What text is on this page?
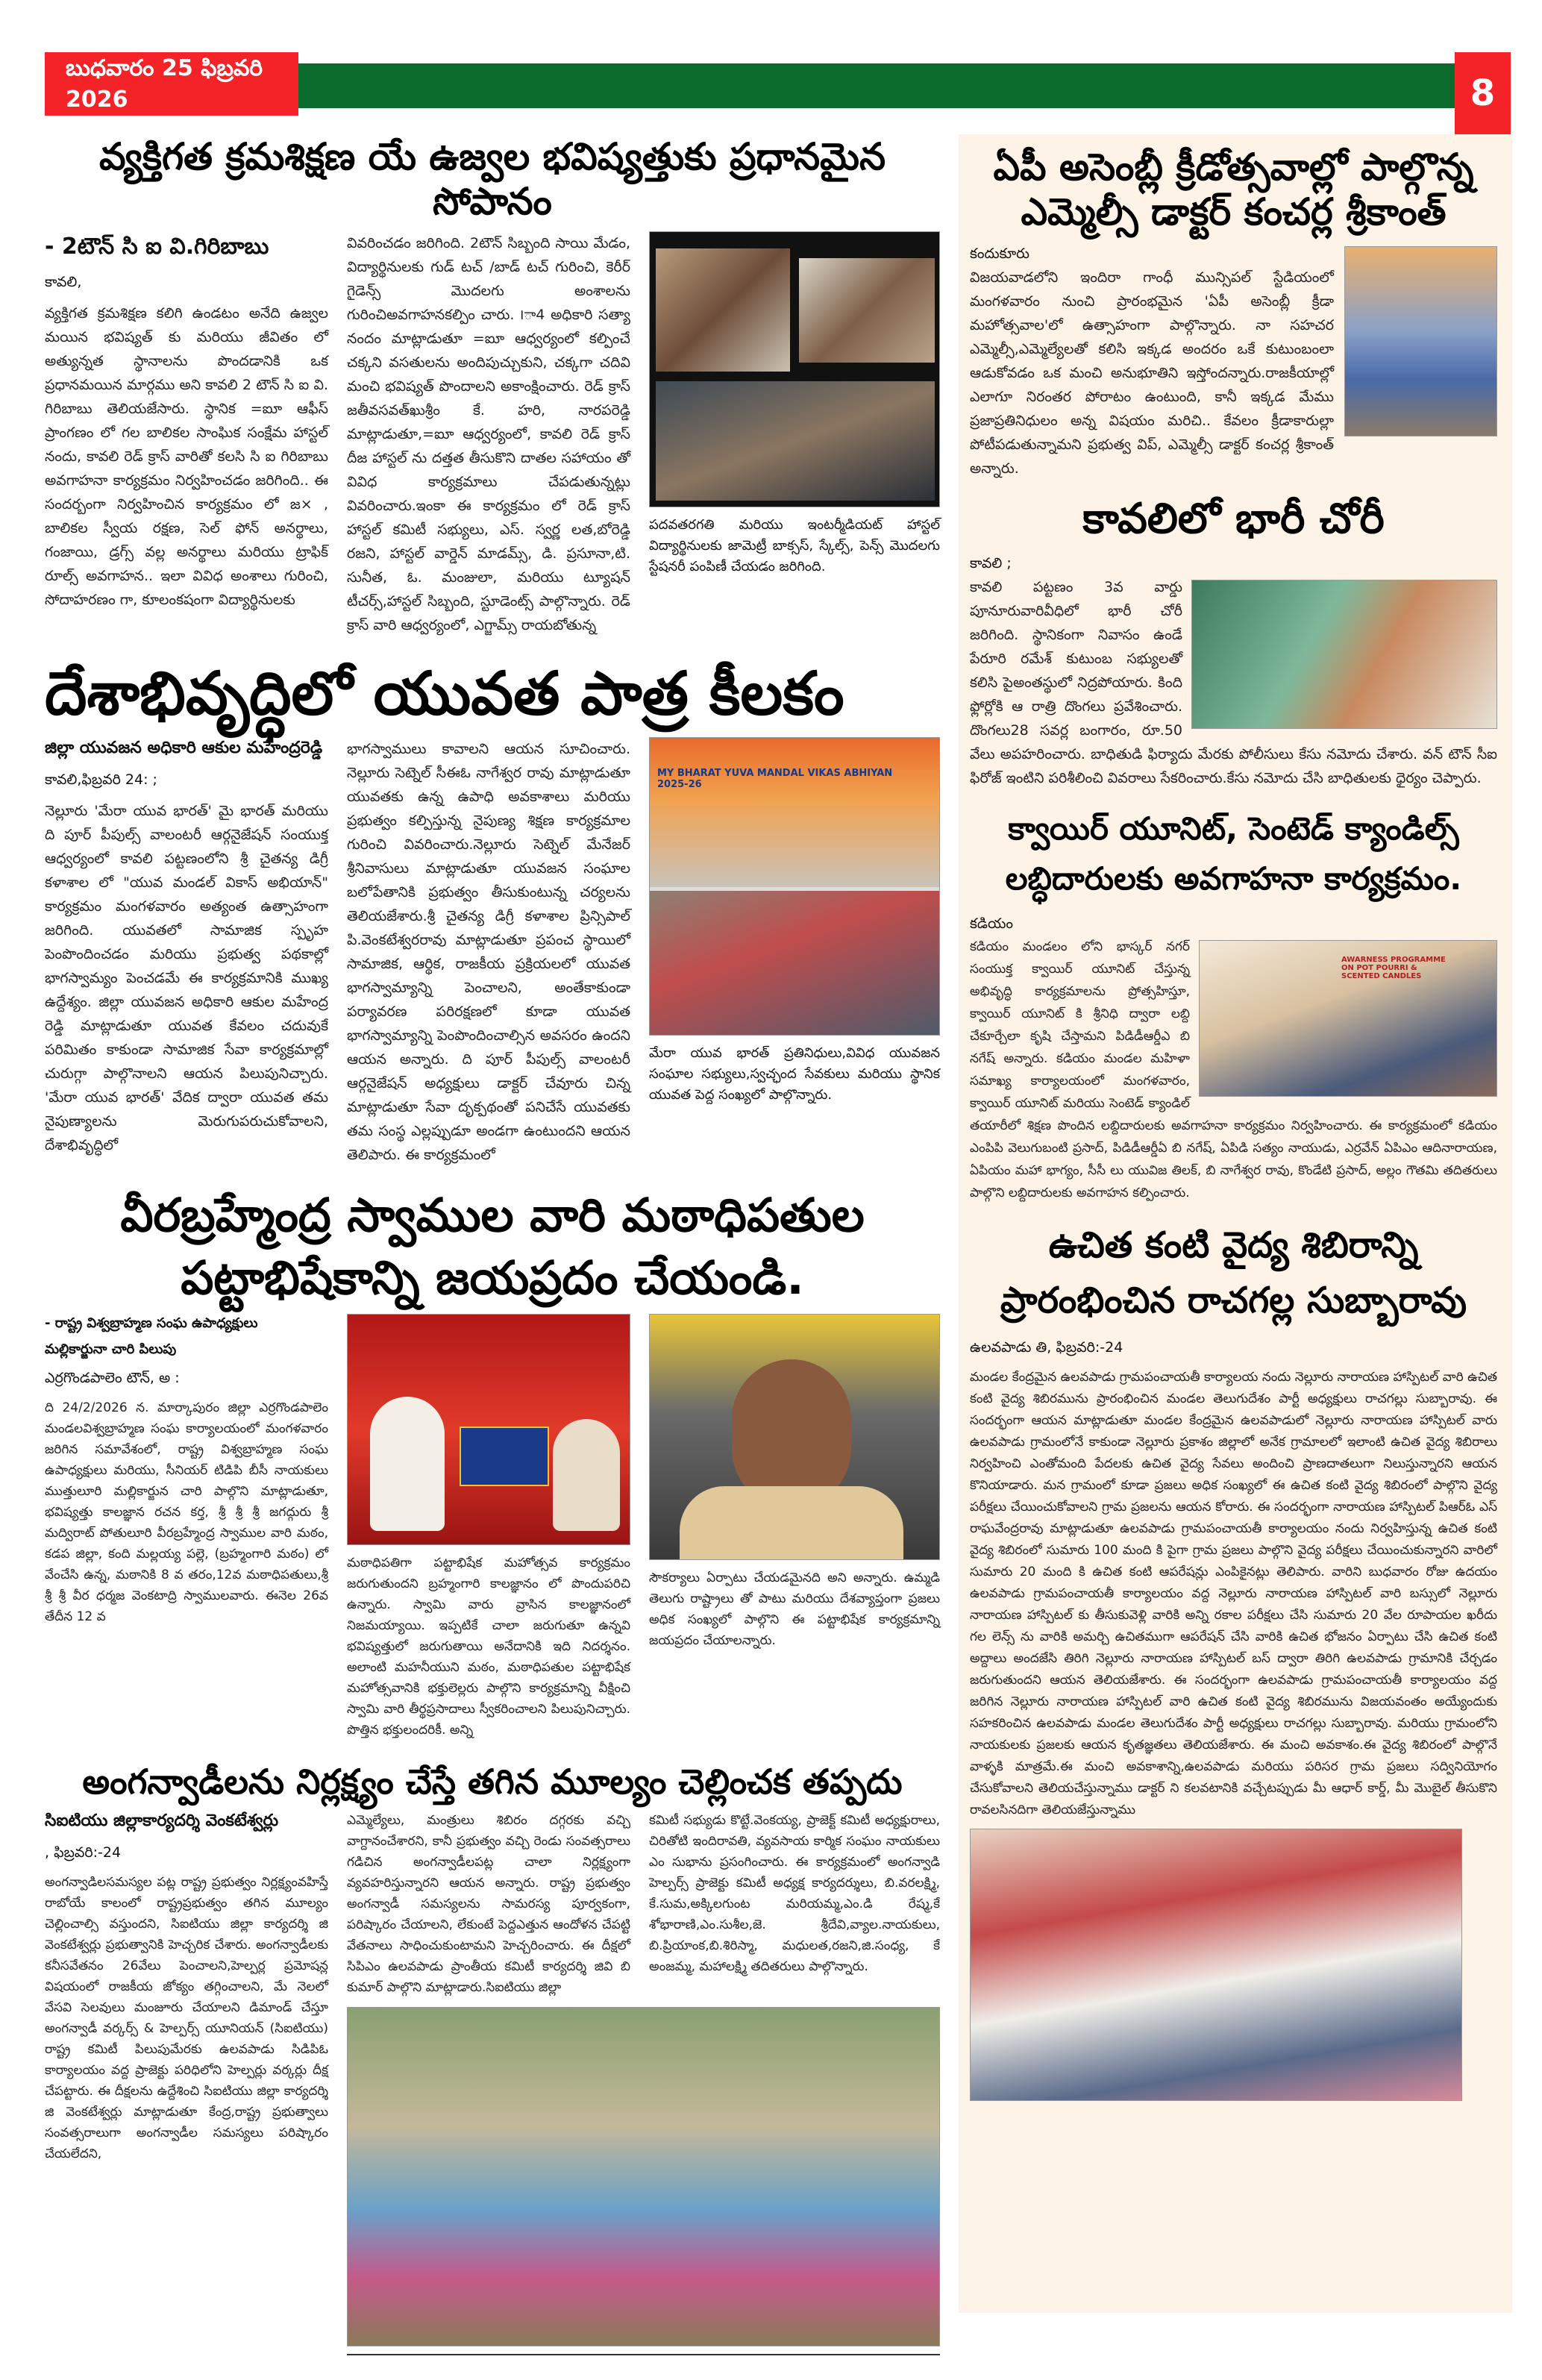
బుధవారం 25 ఫిబ్రవరి 2026	8
వ్యక్తిగత క్రమశిక్షణ యే ఉజ్వల భవిష్యత్తుకు ప్రధానమైన సోపానం
- 2టౌన్ సి ఐ వి.గిరిబాబు
కావలి,
వ్యక్తిగత క్రమశిక్షణ కలిగి ఉండటం అనేది ఉజ్వల మయిన భవిష్యత్ కు మరియు జీవితం లో అత్యున్నత స్థానాలను పొందడానికి ఒక ప్రధానమయిన మార్గము అని కావలి 2 టౌన్ సి ఐ వి. గిరిబాబు తెలియజేసారు. స్థానిక =ఐూ ఆఫీస్ ప్రాంగణం లో గల బాలికల సాంఘిక సంక్షేమ హాస్టల్ నందు, కావలి రెడ్ క్రాస్ వారితో కలసి సి ఐ గిరిబాబు అవగాహనా కార్యక్రమం నిర్వహించడం జరిగింది.. ఈ సందర్బంగా నిర్వహించిన కార్యక్రమం లో జ× , బాలికల స్వీయ రక్షణ, సెల్ ఫోన్ అనర్థాలు, గంజాయి, డ్రగ్స్ వల్ల అనర్థాలు మరియు ట్రాఫిక్ రూల్స్ అవగాహన.. ఇలా వివిధ అంశాలు గురించి, సోదాహరణం గా, కూలంకషంగా విద్యార్థినులకు
వివరించడం జరిగింది. 2టౌన్ సిబ్బంది సాయి మేడం, విద్యార్థినులకు గుడ్ టచ్ /బాడ్ టచ్ గురించి, కెరీర్ గైడెన్స్ మొదలగు అంశాలను గురించిఅవగాహనకల్పిం చారు. ౹ా4 అధికారి సత్యా నందం మాట్లాడుతూ =ఐూ ఆధ్వర్యంలో కల్పించే చక్కని వసతులను అందిపుచ్చుకుని, చక్కగా చదివి మంచి భవిష్యత్ పొందాలని అకాంక్షించారు. రెడ్ క్రాస్ జతీవసవత్‌ఖుశ్రీం కే. హరి, నారపరెడ్డి మాట్లాడుతూ,=ఐూ ఆధ్వర్యంలో, కావలి రెడ్ క్రాస్ దీజ హాస్టల్ ను దత్తత తీసుకొని దాతల సహాయం తో వివిధ కార్యక్రమాలు చేపడుతున్నట్లు వివరించారు.ఇంకా ఈ కార్యక్రమం లో రెడ్ క్రాస్ హాస్టల్ కమిటీ సభ్యులు, ఎస్. స్వర్ణ లత,బోరెడ్డి రజని, హాస్టల్ వార్డెన్ మాడమ్స్, డి. ప్రసూనా,టి. సునీత, ఓ. మంజులా, మరియు ట్యూషన్ టీచర్స్,హాస్టల్ సిబ్బంది, స్టూడెంట్స్ పాల్గొన్నారు. రెడ్ క్రాస్ వారి ఆధ్వర్యంలో, ఎగ్జామ్స్ రాయబోతున్న
పదవతరగతి మరియు ఇంటర్మీడియట్ హాస్టల్ విద్యార్థినులకు జామెట్రీ బాక్సస్, స్కేల్స్, పెన్స్ మొదలగు స్టేషనరీ పంపిణీ చేయడం జరిగింది.
దేశాభివృద్ధిలో యువత పాత్ర కీలకం
జిల్లా యువజన అధికారి ఆకుల మహేంద్రరెడ్డి
కావలి,ఫిబ్రవరి 24: ;
నెల్లూరు 'మేరా యువ భారత్' మై భారత్ మరియు ది పూర్ పీపుల్స్ వాలంటరీ ఆర్గనైజేషన్ సంయుక్త ఆధ్వర్యంలో కావలి పట్టణంలోని శ్రీ చైతన్య డిగ్రీ కళాశాల లో "యువ మండల్ వికాస్ అభియాన్" కార్యక్రమం మంగళవారం అత్యంత ఉత్సాహంగా జరిగింది. యువతలో సామాజిక స్పృహ పెంపొందించడం మరియు ప్రభుత్వ పథకాల్లో భాగస్వామ్యం పెంచడమే ఈ కార్యక్రమానికి ముఖ్య ఉద్దేశ్యం. జిల్లా యువజన అధికారి ఆకుల మహేంద్ర రెడ్డి మాట్లాడుతూ యువత కేవలం చదువుకే పరిమితం కాకుండా సామాజిక సేవా కార్యక్రమాల్లో చురుగ్గా పాల్గొనాలని ఆయన పిలుపునిచ్చారు. 'మేరా యువ భారత్' వేదిక ద్వారా యువత తమ నైపుణ్యాలను మెరుగుపరుచుకోవాలని, దేశాభివృద్ధిలో
భాగస్వాములు కావాలని ఆయన సూచించారు. నెల్లూరు సెట్నెల్ సీఈఓ నాగేశ్వర రావు మాట్లాడుతూ యువతకు ఉన్న ఉపాధి అవకాశాలు మరియు ప్రభుత్వం కల్పిస్తున్న నైపుణ్య శిక్షణ కార్యక్రమాల గురించి వివరించారు.నెల్లూరు సెట్నెల్ మేనేజర్ శ్రీనివాసులు మాట్లాడుతూ యువజన సంఘాల బలోపేతానికి ప్రభుత్వం తీసుకుంటున్న చర్యలను తెలియజేశారు.శ్రీ చైతన్య డిగ్రీ కళాశాల ప్రిన్సిపాల్ పి.వెంకటేశ్వరరావు మాట్లాడుతూ ప్రపంచ స్థాయిలో సామాజిక, ఆర్థిక, రాజకీయ ప్రక్రియలలో యువత భాగస్వామ్యాన్ని పెంచాలని, అంతేకాకుండా పర్యావరణ పరిరక్షణలో కూడా యువత భాగస్వామ్యాన్ని పెంపొందించాల్సిన అవసరం ఉందని ఆయన అన్నారు. ది పూర్ పీపుల్స్ వాలంటరీ ఆర్గనైజేషన్ అధ్యక్షులు డాక్టర్ చేవూరు చిన్న మాట్లాడుతూ సేవా దృక్పథంతో పనిచేసే యువతకు తమ సంస్థ ఎల్లప్పుడూ అండగా ఉంటుందని ఆయన తెలిపారు. ఈ కార్యక్రమంలో
MY BHARAT YUVA MANDAL VIKAS ABHIYAN 2025-26
మేరా యువ భారత్ ప్రతినిధులు,వివిధ యువజన సంఘాల సభ్యులు,స్వచ్ఛంద సేవకులు మరియు స్థానిక యువత పెద్ద సంఖ్యలో పాల్గొన్నారు.
వీరబ్రహ్మేంద్ర స్వాముల వారి మఠాధిపతుల
పట్టాభిషేకాన్ని జయప్రదం చేయండి.
- రాష్ట్ర విశ్వబ్రాహ్మణ సంఘ ఉపాధ్యక్షులు
మల్లికార్జునా చారి పిలుపు
ఎర్రగొండపాలెం టౌన్, అ :
ది 24/2/2026 న. మార్కాపురం జిల్లా ఎర్రగొండపాలెం మండలవిశ్వబ్రాహ్మణ సంఘ కార్యాలయంలో మంగళవారం జరిగిన సమావేశంలో, రాష్ట్ర విశ్వబ్రాహ్మణ సంఘ ఉపాధ్యక్షులు మరియు, సీనియర్ టిడిపి బీసీ నాయకులు ముత్తులూరి మల్లికార్జున చారి పాల్గొని మాట్లాడుతూ, భవిష్యత్తు కాలజ్ఞాన రచన కర్త, శ్రీ శ్రీ శ్రీ జగద్గురు శ్రీ మద్విరాట్ పోతులూరి వీరబ్రహ్మేంద్ర స్వాముల వారి మఠం, కడప జిల్లా, కంది మల్లయ్య పల్లె, (బ్రహ్మంగారి మఠం) లో వేంచేసి ఉన్న, మఠానికి 8 వ తరం,12వ మఠాధిపతులు,శ్రీ శ్రీ శ్రీ వీర ధర్మజ వెంకటాద్రి స్వాములవారు. ఈనెల 26వ తేదీన 12 వ
మఠాధిపతిగా పట్టాభిషేక మహోత్సవ కార్యక్రమం జరుగుతుందని బ్రహ్మంగారి కాలజ్ఞానం లో పొందుపరిచి ఉన్నారు. స్వామి వారు వ్రాసిన కాలజ్ఞానంలో నిజమయ్యాయి. ఇప్పటికే చాలా జరుగుతూ ఉన్నవి భవిష్యత్తులో జరుగుతాయి అనేదానికి ఇది నిదర్శనం. అలాంటి మహనీయుని మఠం, మఠాధిపతుల పట్టాభిషేక మహోత్సవానికి భక్తులెల్లరు పాల్గొని కార్యక్రమాన్ని వీక్షించి స్వామి వారి తీర్థప్రసాదాలు స్వీకరించాలని పిలుపునిచ్చారు. పొత్తిన భక్తులందరికీ. అన్ని
సౌకర్యాలు ఏర్పాటు చేయడమైనది అని అన్నారు. ఉమ్మడి తెలుగు రాష్ట్రాలు తో పాటు మరియు దేశవ్యాప్తంగా ప్రజలు అధిక సంఖ్యలో పాల్గొని ఈ పట్టాభిషేక కార్యక్రమాన్ని జయప్రదం చేయాలన్నారు.
అంగన్వాడీలను నిర్లక్ష్యం చేస్తే తగిన మూల్యం చెల్లించక తప్పదు
సిఐటియు జిల్లాకార్యదర్శి వెంకటేశ్వర్లు
, ఫిబ్రవరి:-24
అంగన్వాడిలసమస్యల పట్ల రాష్ట్ర ప్రభుత్వం నిర్లక్ష్యంవహిస్తే రాబోయే కాలంలో రాష్ట్రప్రభుత్వం తగిన మూల్యం చెల్లించాల్సి వస్తుందని, సిఐటియు జిల్లా కార్యదర్శి జి వెంకటేశ్వర్లు ప్రభుత్వానికి హెచ్చరిక చేశారు. అంగన్వాడీలకు కనీసవేతనం 26వేలు పెంచాలని,హెల్పర్ల ప్రమోషన్ల విషయంలో రాజకీయ జోక్యం తగ్గించాలని, మే నెలలో వేసవి సెలవులు మంజూరు చేయాలని డిమాండ్ చేస్తూ అంగన్వాడీ వర్కర్స్ & హెల్పర్స్ యూనియన్ (సిఐటియు) రాష్ట్ర కమిటీ పిలుపుమేరకు ఉలవపాడు సిడిపిఓ కార్యాలయం వద్ద ప్రాజెక్టు పరిధిలోని హెల్పర్లు వర్కర్లు దీక్ష చేపట్టారు. ఈ దీక్షలను ఉద్దేశించి సిఐటియు జిల్లా కార్యదర్శి జి వెంకటేశ్వర్లు మాట్లాడుతూ కేంద్ర,రాష్ట్ర ప్రభుత్వాలు సంవత్సరాలుగా అంగన్వాడీల సమస్యలు పరిష్కారం చేయలేదని,
ఎమ్మెల్యేలు, మంత్రులు శిబిరం దగ్గరకు వచ్చి వాగ్దానంచేశారని, కానీ ప్రభుత్వం వచ్చి రెండు సంవత్సరాలు గడిచిన అంగన్వాడీలపట్ల చాలా నిర్లక్ష్యంగా వ్యవహరిస్తున్నారని ఆయన అన్నారు. రాష్ట్ర ప్రభుత్వం అంగన్వాడీ సమస్యలను సామరస్య పూర్వకంగా, పరిష్కారం చేయాలని, లేకుంటే పెద్దఎత్తున ఆందోళన చేపట్టి వేతనాలు సాధించుకుంటామని హెచ్చరించారు. ఈ దీక్షలో సిపిఎం ఉలవపాడు ప్రాంతీయ కమిటీ కార్యదర్శి జివి బి కుమార్ పాల్గొని మాట్లాడారు.సిఐటియు జిల్లా
కమిటీ సభ్యుడు కొట్టే.వెంకయ్య, ప్రాజెక్ట్ కమిటీ అధ్యక్షురాలు, చిరితోటి ఇందిరావతి, వ్యవసాయ కార్మిక సంఘం నాయకులు ఎం సుభాను ప్రసంగించారు. ఈ కార్యక్రమంలో అంగన్వాడి హెల్పర్స్ ప్రాజెక్టు కమిటీ అధ్యక్ష కార్యదర్శులు, బి.వరలక్ష్మి, కే.సుమ,అక్కిలగుంట మరియమ్మ,ఎం.డి రేష్మ,కే శోభారాణి,ఎం.సుశీల,జె. శ్రీదేవి,వ్యాల.నాయకులు, బి.ప్రియాంక,బి.శిరిస్మా, మధులత,రజని,జి.సంధ్య, కే అంజమ్మ, మహాలక్ష్మి తదితరులు పాల్గొన్నారు.
ఏపీ అసెంబ్లీ క్రీడోత్సవాల్లో పాల్గొన్న ఎమ్మెల్సీ డాక్టర్ కంచర్ల శ్రీకాంత్
కందుకూరు
విజయవాడలోని ఇందిరా గాంధీ మున్సిపల్ స్టేడియంలో మంగళవారం నుంచి ప్రారంభమైన 'ఏపీ అసెంబ్లీ క్రీడా మహోత్సవాల'లో ఉత్సాహంగా పాల్గొన్నారు. నా సహచర ఎమ్మెల్సీ,ఎమ్మెల్యేలతో కలిసి ఇక్కడ అందరం ఒకే కుటుంబంలా ఆడుకోవడం ఒక మంచి అనుభూతిని ఇస్తోందన్నారు.రాజకీయాల్లో ఎలాగూ నిరంతర పోరాటం ఉంటుంది, కానీ ఇక్కడ మేము ప్రజాప్రతినిధులం అన్న విషయం మరిచి.. కేవలం క్రీడాకారుల్లా పోటీపడుతున్నామని ప్రభుత్వ విప్, ఎమ్మెల్సీ డాక్టర్ కంచర్ల శ్రీకాంత్ అన్నారు.
కావలిలో భారీ చోరీ
కావలి ;
కావలి పట్టణం 3వ వార్డు పూనూరువారివీధిలో భారీ చోరీ జరిగింది. స్థానికంగా నివాసం ఉండే పేరూరి రమేశ్ కుటుంబ సభ్యులతో కలిసి పైఅంతస్థులో నిద్రపోయారు. కింది ఫ్లోర్లోకి ఆ రాత్రి దొంగలు ప్రవేశించారు. దొంగలు28 సవర్ల బంగారం, రూ.50 వేలు అపహరించారు. బాధితుడి ఫిర్యాదు మేరకు పోలీసులు కేసు నమోదు చేశారు. వన్ టౌన్ సీఐ ఫిరోజ్ ఇంటిని పరిశీలించి వివరాలు సేకరించారు.కేసు నమోదు చేసి బాధితులకు ధైర్యం చెప్పారు.
క్వాయిర్ యూనిట్, సెంటెడ్ క్యాండిల్స్ లబ్ధిదారులకు అవగాహనా కార్యక్రమం.
కడియం
AWARNESS PROGRAMME ON POT POURRI & SCENTED CANDLES
కడియం మండలం లోని భాస్కర్ నగర్ సంయుక్త క్వాయిర్ యూనిట్ చేస్తున్న అభివృద్ధి కార్యక్రమాలను ప్రోత్సహిస్తూ, క్వాయిర్ యూనిట్ కి శ్రీనిధి ద్వారా లబ్ది చేకూర్చేలా కృషి చేస్తామని పిడిడీఆర్డీఎ బి నగేష్ అన్నారు. కడియం మండల మహిళా సమాఖ్య కార్యాలయంలో మంగళవారం, క్వాయిర్ యూనిట్ మరియు సెంటెడ్ క్యాండిల్ తయారీలో శిక్షణ పొందిన లబ్దిదారులకు అవగాహనా కార్యక్రమం నిర్వహించారు. ఈ కార్యక్రమంలో కడియం ఎంపిపి వెలుగుబంటి ప్రసాద్, పిడిడీఆర్డీఏ బి నగేష్, ఏపిడి సత్యం నాయుడు, ఎర్రవేన్ ఏపిఎం ఆదినారాయణ, ఏపియం మహా భాగ్యం, సీసీ లు యువిజ తిలక్, బి నాగేశ్వర రావు, కొండేటి ప్రసాద్, అల్లం గౌతమి తదితరులు పాల్గొని లబ్దిదారులకు అవగాహన కల్పించారు.
ఉచిత కంటి వైద్య శిబిరాన్ని ప్రారంభించిన రాచగల్ల సుబ్బారావు
ఉలవపాడు తి, ఫిబ్రవరి:-24
మండల కేంద్రమైన ఉలవపాడు గ్రామపంచాయతీ కార్యాలయ నందు నెల్లూరు నారాయణ హాస్పిటల్ వారి ఉచిత కంటి వైద్య శిబిరమును ప్రారంభించిన మండల తెలుగుదేశం పార్టీ అధ్యక్షులు రాచగల్లు సుబ్బారావు. ఈ సందర్భంగా ఆయన మాట్లాడుతూ మండల కేంద్రమైన ఉలవపాడులో నెల్లూరు నారాయణ హాస్పిటల్ వారు ఉలవపాడు గ్రామంలోనే కాకుండా నెల్లూరు ప్రకాశం జిల్లాలో అనేక గ్రామాలలో ఇలాంటి ఉచిత వైద్య శిబిరాలు నిర్వహించి ఎంతోమంది పేదలకు ఉచిత వైద్య సేవలు అందించి ప్రాణదాతలుగా నిలుస్తున్నారని ఆయన కొనియాడారు. మన గ్రామంలో కూడా ప్రజలు అధిక సంఖ్యలో ఈ ఉచిత కంటి వైద్య శిబిరంలో పాల్గొని వైద్య పరీక్షలు చేయించుకోవాలని గ్రామ ప్రజలను ఆయన కోరారు. ఈ సందర్భంగా నారాయణ హాస్పిటల్ పిఆర్ఓ ఎస్ రాఘవేంద్రరావు మాట్లాడుతూ ఉలవపాడు గ్రామపంచాయతీ కార్యాలయం నందు నిర్వహిస్తున్న ఉచిత కంటి వైద్య శిబిరంలో సుమారు 100 మంది కి పైగా గ్రామ ప్రజలు పాల్గొని వైద్య పరీక్షలు చేయించుకున్నారని వారిలో సుమారు 20 మంది కి ఉచిత కంటి ఆపరేషన్లు ఎంపికైనట్లు తెలిపారు. వారిని బుధవారం రోజు ఉదయం ఉలవపాడు గ్రామపంచాయతీ కార్యాలయం వద్ద నెల్లూరు నారాయణ హాస్పిటల్ వారి బస్సులో నెల్లూరు నారాయణ హాస్పిటల్ కు తీసుకువెళ్లి వారికి అన్ని రకాల పరీక్షలు చేసి సుమారు 20 వేల రూపాయల ఖరీదు గల లెన్స్ ను వారికి అమర్చి ఉచితముగా ఆపరేషన్ చేసి వారికి ఉచిత భోజనం ఏర్పాటు చేసి ఉచిత కంటి అద్దాలు అందజేసి తిరిగి నెల్లూరు నారాయణ హాస్పిటల్ బస్ ద్వారా తిరిగి ఉలవపాడు గ్రామానికి చేర్చడం జరుగుతుందని ఆయన తెలియజేశారు. ఈ సందర్భంగా ఉలవపాడు గ్రామపంచాయతీ కార్యాలయం వద్ద జరిగిన నెల్లూరు నారాయణ హాస్పిటల్ వారి ఉచిత కంటి వైద్య శిబిరమును విజయవంతం అయ్యేందుకు సహకరించిన ఉలవపాడు మండల తెలుగుదేశం పార్టీ అధ్యక్షులు రాచగల్లు సుబ్బారావు. మరియు గ్రామంలోని నాయకులకు ప్రజలకు ఆయన కృతజ్ఞతలు తెలియజేశారు. ఈ మంచి అవకాశం.ఈ వైద్య శిబిరంలో పాల్గొనే వాళ్ళకి మాత్రమే.ఈ మంచి అవకాశాన్ని,ఉలవపాడు మరియు పరిసర గ్రామ ప్రజలు సద్వినియోగం చేసుకోవాలని తెలియచేస్తున్నాము డాక్టర్ ని కలవటానికి వచ్చేటప్పుడు మీ ఆధార్ కార్డ్, మీ మొబైల్ తీసుకొని రావలసినదిగా తెలియజేస్తున్నాము
